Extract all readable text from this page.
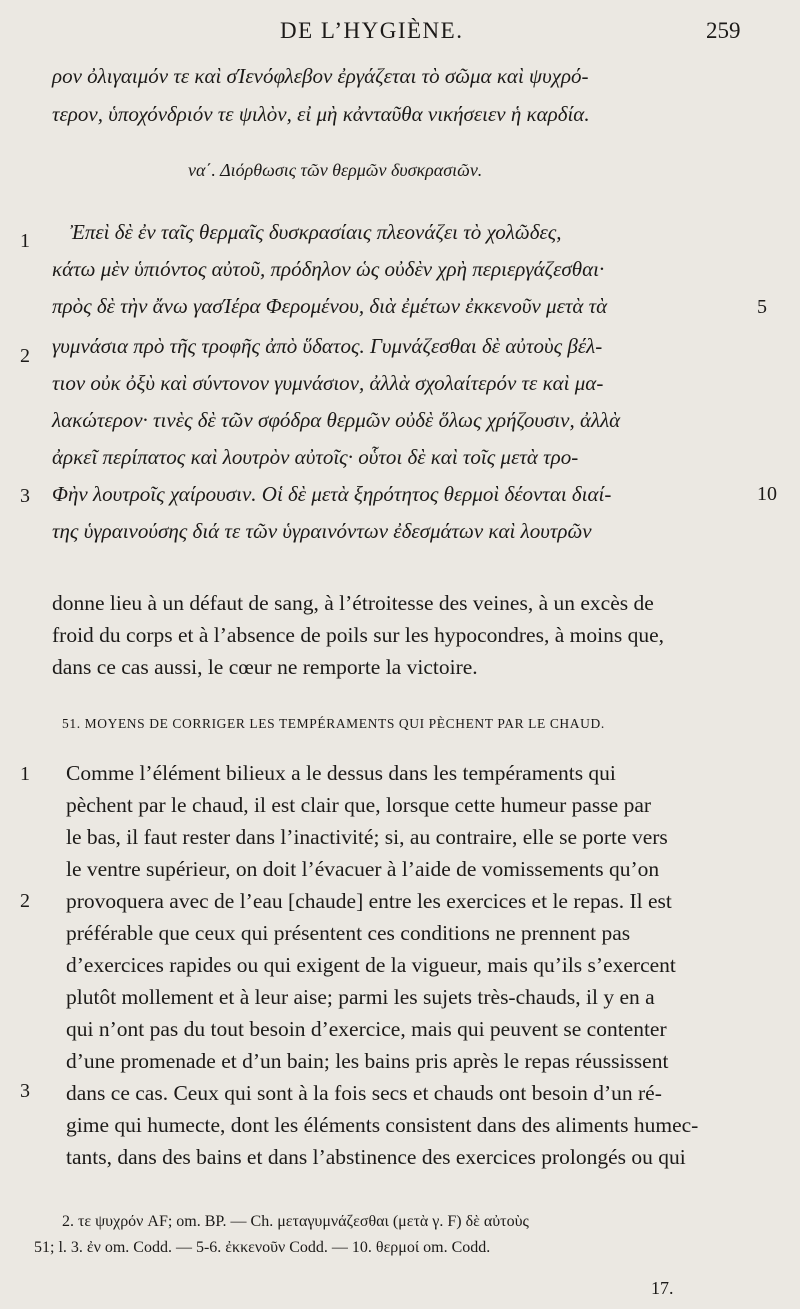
DE L’HYGIÈNE.	259
ρον ὀλιγαιμόν τε καὶ σΊενόφλεβον ἐργάζεται τὸ σῶμα καὶ ψυχρό-
τερον, ὑποχόνδριόν τε ψιλὸν, εἰ μὴ κἀνταῦθα νικήσειεν ἡ καρδία.
να΄. Διόρθωσις τῶν θερμῶν δυσκρασιῶν.
1 Ἐπεὶ δὲ ἐν ταῖς θερμαῖς δυσκρασίαις πλεονάζει τὸ χολῶδες,
κάτω μὲν ὑπιόντος αὐτοῦ, πρόδηλον ὡς οὐδὲν χρὴ περιεργάζεσθαι·
πρὸς δὲ τὴν ἄνω γασΊέρα Φερομένου, διὰ ἐμέτων ἐκκενοῦν μετὰ τὰ	5
2 γυμνάσια πρὸ τῆς τροφῆς ἀπὸ ὕδατος. Γυμνάζεσθαι δὲ αὐτοὺς βέλ-
τιον οὐκ ὀξὺ καὶ σύντονον γυμνάσιον, ἀλλὰ σχολαίτερόν τε καὶ μα-
λακώτερον· τινὲς δὲ τῶν σφόδρα θερμῶν οὐδὲ ὅλως χρήζουσιν, ἀλλὰ
ἀρκεῖ περίπατος καὶ λουτρὸν αὐτοῖς· οὗτοι δὲ καὶ τοῖς μετὰ τρο-
3 Φὴν λουτροῖς χαίρουσιν. Οἱ δὲ μετὰ ξηρότητος θερμοὶ δέονται διαί-	10
της ὑγραινούσης διά τε τῶν ὑγραινόντων ἐδεσμάτων καὶ λουτρῶν
donne lieu à un défaut de sang, à l’étroitesse des veines, à un excès de
froid du corps et à l’absence de poils sur les hypocondres, à moins que,
dans ce cas aussi, le cœur ne remporte la victoire.
51. MOYENS DE CORRIGER LES TEMPÉRAMENTS QUI PÈCHENT PAR LE CHAUD.
1 Comme l’élément bilieux a le dessus dans les tempéraments qui
pèchent par le chaud, il est clair que, lorsque cette humeur passe par
le bas, il faut rester dans l’inactivité; si, au contraire, elle se porte vers
le ventre supérieur, on doit l’évacuer à l’aide de vomissements qu’on
2 provoquera avec de l’eau [chaude] entre les exercices et le repas. Il est
préférable que ceux qui présentent ces conditions ne prennent pas
d’exercices rapides ou qui exigent de la vigueur, mais qu’ils s’exercent
plutôt mollement et à leur aise; parmi les sujets très-chauds, il y en a
qui n’ont pas du tout besoin d’exercice, mais qui peuvent se contenter
d’une promenade et d’un bain; les bains pris après le repas réussissent
3 dans ce cas. Ceux qui sont à la fois secs et chauds ont besoin d’un ré-
gime qui humecte, dont les éléments consistent dans des aliments humec-
tants, dans des bains et dans l’abstinence des exercices prolongés ou qui
2. τε ψυχρόν AF; om. BP. — Ch. μεταγυμνάζεσθαι (μετὰ γ. F) δὲ αὐτοὺς
51; l. 3. ἐν om. Codd. — 5-6. ἐκκενοῦν Codd. — 10. θερμοί om. Codd.
17.
